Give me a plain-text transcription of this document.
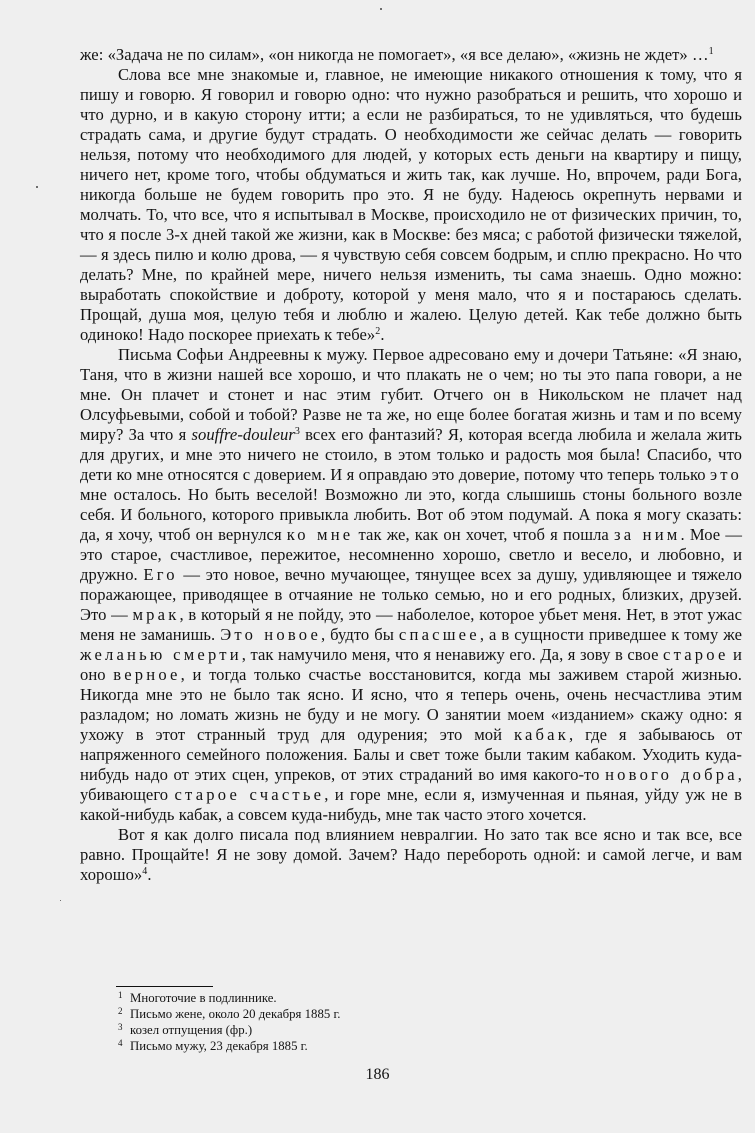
же: «Задача не по силам», «он никогда не помогает», «я все делаю», «жизнь не ждет» …$^1$

Слова все мне знакомые и, главное, не имеющие никакого отношения к тому, что я пишу и говорю. Я говорил и говорю одно: что нужно разобраться и решить, что хорошо и что дурно, и в какую сторону итти; а если не разбираться, то не удивляться, что будешь страдать сама, и другие будут страдать. О необходимости же сейчас делать — говорить нельзя, потому что необходимого для людей, у которых есть деньги на квартиру и пищу, ничего нет, кроме того, чтобы обдуматься и жить так, как лучше. Но, впрочем, ради Бога, никогда больше не будем говорить про это. Я не буду. Надеюсь окрепнуть нервами и молчать. То, что все, что я испытывал в Москве, происходило не от физических причин, то, что я после 3-х дней такой же жизни, как в Москве: без мяса; с работой физически тяжелой, — я здесь пилю и колю дрова, — я чувствую себя совсем бодрым, и сплю прекрасно. Но что делать? Мне, по крайней мере, ничего нельзя изменить, ты сама знаешь. Одно можно: выработать спокойствие и доброту, которой у меня мало, что я и постараюсь сделать. Прощай, душа моя, целую тебя и люблю и жалею. Целую детей. Как тебе должно быть одиноко! Надо поскорее приехать к тебе»$^2$.

Письма Софьи Андреевны к мужу. Первое адресовано ему и дочери Татьяне: «Я знаю, Таня, что в жизни нашей все хорошо, и что плакать не о чем; но ты это папа говори, а не мне. Он плачет и стонет и нас этим губит. Отчего он в Никольском не плачет над Олсуфьевыми, собой и тобой? Разве не та же, но еще более богатая жизнь и там и по всему миру? За что я souffre-douleur$^3$ всех его фантазий? Я, которая всегда любила и желала жить для других, и мне это ничего не стоило, в этом только и радость моя была! Спасибо, что дети ко мне относятся с доверием. И я оправдаю это доверие, потому что теперь только это мне осталось. Но быть веселой! Возможно ли это, когда слышишь стоны больного возле себя. И больного, которого привыкла любить. Вот об этом подумай. А пока я могу сказать: да, я хочу, чтоб он вернулся ко мне так же, как он хочет, чтоб я пошла за ним. Мое — это старое, счастливое, пережитое, несомненно хорошо, светло и весело, и любовно, и дружно. Его — это новое, вечно мучающее, тянущее всех за душу, удивляющее и тяжело поражающее, приводящее в отчаяние не только семью, но и его родных, близких, друзей. Это — мрак, в который я не пойду, это — наболелое, которое убьет меня. Нет, в этот ужас меня не заманишь. Это новое, будто бы спасшее, а в сущности приведшее к тому же желанью смерти, так намучило меня, что я ненавижу его. Да, я зову в свое старое и оно верное, и тогда только счастье восстановится, когда мы заживем старой жизнью. Никогда мне это не было так ясно. И ясно, что я теперь очень, очень несчастлива этим разладом; но ломать жизнь не буду и не могу. О занятии моем «изданием» скажу одно: я ухожу в этот странный труд для одурения; это мой кабак, где я забываюсь от напряженного семейного положения. Балы и свет тоже были таким кабаком. Уходить куда-нибудь надо от этих сцен, упреков, от этих страданий во имя какого-то нового добра, убивающего старое счастье, и горе мне, если я, измученная и пьяная, уйду уж не в какой-нибудь кабак, а совсем куда-нибудь, мне так часто этого хочется.

Вот я как долго писала под влиянием невралгии. Но зато так все ясно и так все, все равно. Прощайте! Я не зову домой. Зачем? Надо перебороть одной: и самой легче, и вам хорошо»$^4$.

1 Многоточие в подлиннике.

2 Письмо жене, около 20 декабря 1885 г.

3 козел отпущения (фр.)

4 Письмо мужу, 23 декабря 1885 г.

186
